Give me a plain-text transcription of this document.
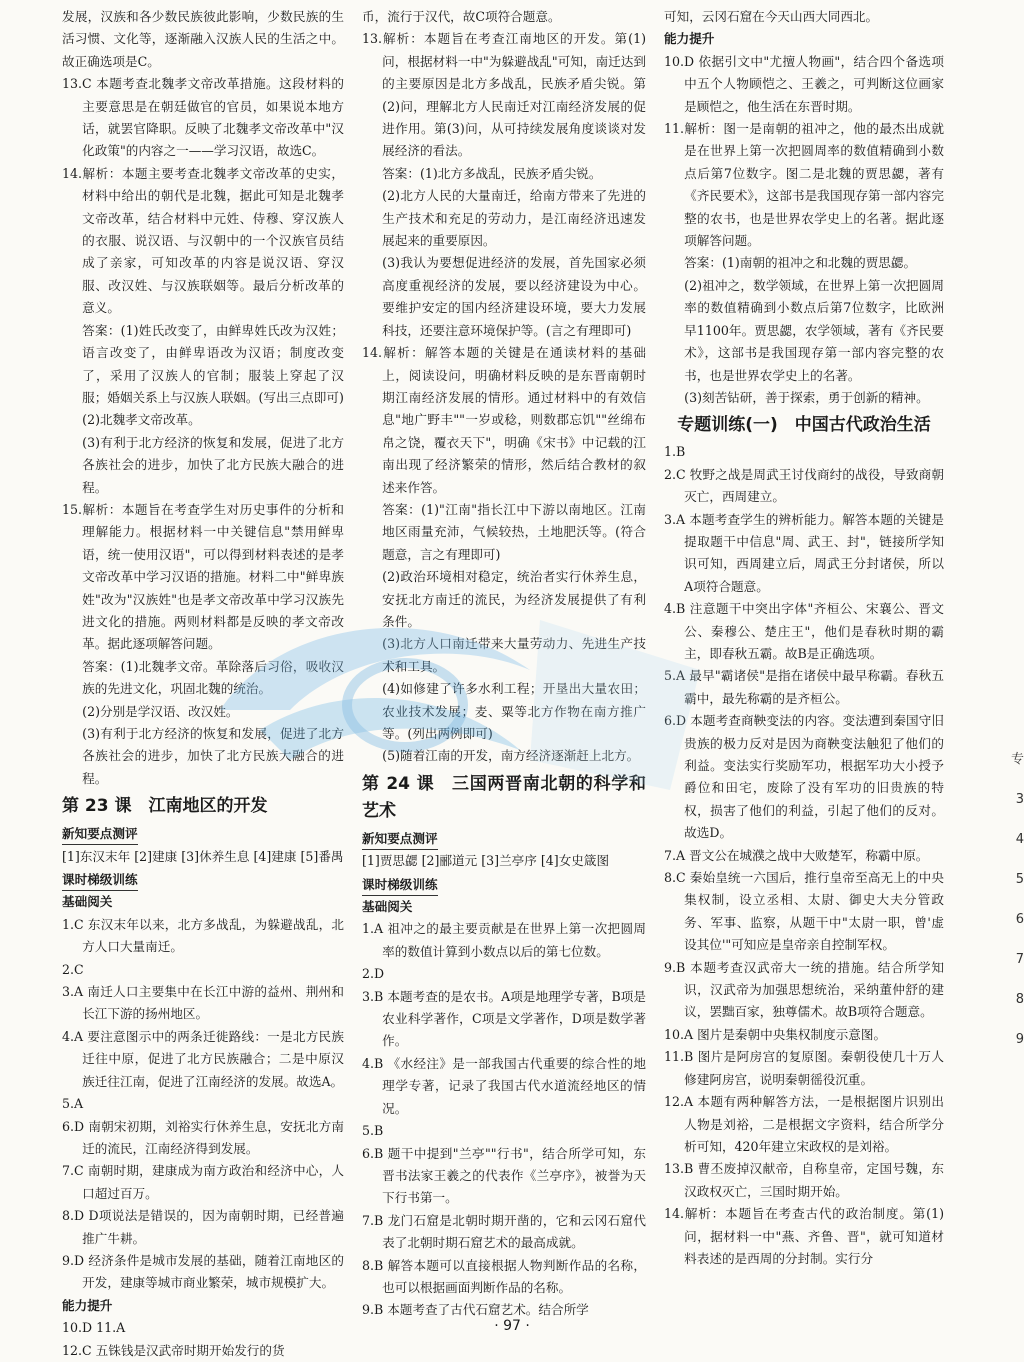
发展，汉族和各少数民族彼此影响，少数民族的生活习惯、文化等，逐渐融入汉族人民的生活之中。故正确选项是C。

13.C 本题考查北魏孝文帝改革措施。这段材料的主要意思是在朝廷做官的官员，如果说本地方话，就罢官降职。反映了北魏孝文帝改革中"汉化政策"的内容之一——学习汉语，故选C。

14.解析：本题主要考查北魏孝文帝改革的史实，材料中给出的朝代是北魏，据此可知是北魏孝文帝改革，结合材料中元姓、侍穆、穿汉族人的衣服、说汉语、与汉朝中的一个汉族官员结成了亲家，可知改革的内容是说汉语、穿汉服、改汉姓、与汉族联姻等。最后分析改革的意义。

答案：(1)姓氏改变了，由鲜卑姓氏改为汉姓；语言改变了，由鲜卑语改为汉语；制度改变了，采用了汉族人的官制；服装上穿起了汉服；婚姻关系上与汉族人联姻。(写出三点即可)

(2)北魏孝文帝改革。

(3)有利于北方经济的恢复和发展，促进了北方各族社会的进步，加快了北方民族大融合的进程。

15.解析：本题旨在考查学生对历史事件的分析和理解能力。根据材料一中关键信息"禁用鲜卑语，统一使用汉语"，可以得到材料表述的是孝文帝改革中学习汉语的措施。材料二中"鲜卑族姓"改为"汉族姓"也是孝文帝改革中学习汉族先进文化的措施。两则材料都是反映的孝文帝改革。据此逐项解答问题。

答案：(1)北魏孝文帝。革除落后习俗，吸收汉族的先进文化，巩固北魏的统治。

(2)分别是学汉语、改汉姓。

(3)有利于北方经济的恢复和发展，促进了北方各族社会的进步，加快了北方民族大融合的进程。

第 23 课　江南地区的开发
新知要点测评

[1]东汉末年 [2]建康 [3]休养生息 [4]建康 [5]番禺

课时梯级训练

基础阅关

1.C 东汉末年以来，北方多战乱，为躲避战乱，北方人口大量南迁。

2.C

3.A 南迁人口主要集中在长江中游的益州、荆州和长江下游的扬州地区。

4.A 要注意图示中的两条迁徙路线：一是北方民族迁往中原，促进了北方民族融合；二是中原汉族迁往江南，促进了江南经济的发展。故选A。

5.A

6.D 南朝宋初期，刘裕实行休养生息，安抚北方南迁的流民，江南经济得到发展。

7.C 南朝时期，建康成为南方政治和经济中心，人口超过百万。

8.D D项说法是错误的，因为南朝时期，已经普遍推广牛耕。

9.D 经济条件是城市发展的基础，随着江南地区的开发，建康等城市商业繁荣，城市规模扩大。

能力提升

10.D 11.A

12.C 五铢钱是汉武帝时期开始发行的货

币，流行于汉代，故C项符合题意。

13.解析：本题旨在考查江南地区的开发。第(1)问，根据材料一中"为躲避战乱"可知，南迁达到的主要原因是北方多战乱，民族矛盾尖锐。第(2)问，理解北方人民南迁对江南经济发展的促进作用。第(3)问，从可持续发展角度谈谈对发展经济的看法。

答案：(1)北方多战乱，民族矛盾尖锐。

(2)北方人民的大量南迁，给南方带来了先进的生产技术和充足的劳动力，是江南经济迅速发展起来的重要原因。

(3)我认为要想促进经济的发展，首先国家必须高度重视经济的发展，要以经济建设为中心。要维护安定的国内经济建设环境，要大力发展科技，还要注意环境保护等。(言之有理即可)

14.解析：解答本题的关键是在通读材料的基础上，阅读设问，明确材料反映的是东晋南朝时期江南经济发展的情形。通过材料中的有效信息"地广野丰""一岁或稔，则数郡忘饥""丝绵布帛之饶，覆衣天下"，明确《宋书》中记载的江南出现了经济繁荣的情形，然后结合教材的叙述来作答。

答案：(1)"江南"指长江中下游以南地区。江南地区雨量充沛，气候较热，土地肥沃等。(符合题意，言之有理即可)

(2)政治环境相对稳定，统治者实行休养生息，安抚北方南迁的流民，为经济发展提供了有利条件。

(3)北方人口南迁带来大量劳动力、先进生产技术和工具。

(4)如修建了许多水利工程；开垦出大量农田；农业技术发展；麦、粟等北方作物在南方推广等。(列出两例即可)

(5)随着江南的开发，南方经济逐渐赶上北方。

第 24 课　三国两晋南北朝的科学和艺术
新知要点测评

[1]贾思勰 [2]郦道元 [3]兰亭序 [4]女史箴图

课时梯级训练

基础阅关

1.A 祖冲之的最主要贡献是在世界上第一次把圆周率的数值计算到小数点以后的第七位数。

2.D

3.B 本题考查的是农书。A项是地理学专著，B项是农业科学著作，C项是文学著作，D项是数学著作。

4.B 《水经注》是一部我国古代重要的综合性的地理学专著，记录了我国古代水道流经地区的情况。

5.B

6.B 题干中提到"兰亭""行书"，结合所学可知，东晋书法家王羲之的代表作《兰亭序》，被誉为天下行书第一。

7.B 龙门石窟是北朝时期开凿的，它和云冈石窟代表了北朝时期石窟艺术的最高成就。

8.B 解答本题可以直接根据人物判断作品的名称，也可以根据画面判断作品的名称。

9.B 本题考查了古代石窟艺术。结合所学

可知，云冈石窟在今天山西大同西北。

能力提升

10.D 依据引文中"尤擅人物画"，结合四个备选项中五个人物顾恺之、王羲之，可判断这位画家是顾恺之，他生活在东晋时期。

11.解析：图一是南朝的祖冲之，他的最杰出成就是在世界上第一次把圆周率的数值精确到小数点后第7位数字。图二是北魏的贾思勰，著有《齐民要术》，这部书是我国现存第一部内容完整的农书，也是世界农学史上的名著。据此逐项解答问题。

答案：(1)南朝的祖冲之和北魏的贾思勰。

(2)祖冲之，数学领域，在世界上第一次把圆周率的数值精确到小数点后第7位数字，比欧洲早1100年。贾思勰，农学领域，著有《齐民要术》，这部书是我国现存第一部内容完整的农书，也是世界农学史上的名著。

(3)刻苦钻研，善于探索，勇于创新的精神。

专题训练(一)　中国古代政治生活

1.B

2.C 牧野之战是周武王讨伐商纣的战役，导致商朝灭亡，西周建立。

3.A 本题考查学生的辨析能力。解答本题的关键是提取题干中信息"周、武王、封"，链接所学知识可知，西周建立后，周武王分封诸侯，所以A项符合题意。

4.B 注意题干中突出字体"齐桓公、宋襄公、晋文公、秦穆公、楚庄王"，他们是春秋时期的霸主，即春秋五霸。故B是正确选项。

5.A 最早"霸诸侯"是指在诸侯中最早称霸。春秋五霸中，最先称霸的是齐桓公。

6.D 本题考查商鞅变法的内容。变法遭到秦国守旧贵族的极力反对是因为商鞅变法触犯了他们的利益。变法实行奖励军功，根据军功大小授予爵位和田宅，废除了没有军功的旧贵族的特权，损害了他们的利益，引起了他们的反对。故选D。

7.A 晋文公在城濮之战中大败楚军，称霸中原。

8.C 秦始皇统一六国后，推行皇帝至高无上的中央集权制，设立丞相、太尉、御史大夫分管政务、军事、监察，从题干中"太尉一职，曾'虚设其位'"可知应是皇帝亲自控制军权。

9.B 本题考查汉武帝大一统的措施。结合所学知识，汉武帝为加强思想统治，采纳董仲舒的建议，罢黜百家，独尊儒术。故B项符合题意。

10.A 图片是秦朝中央集权制度示意图。

11.B 图片是阿房宫的复原图。秦朝役使几十万人修建阿房宫，说明秦朝徭役沉重。

12.A 本题有两种解答方法，一是根据图片识别出人物是刘裕，二是根据文字资料，结合所学分析可知，420年建立宋政权的是刘裕。

13.B 曹丕废掉汉献帝，自称皇帝，定国号魏，东汉政权灭亡，三国时期开始。

14.解析：本题旨在考查古代的政治制度。第(1)问，据材料一中"燕、齐鲁、晋"，就可知道材料表述的是西周的分封制。实行分

专
3
4
5
6
7
8
9
· 97 ·
